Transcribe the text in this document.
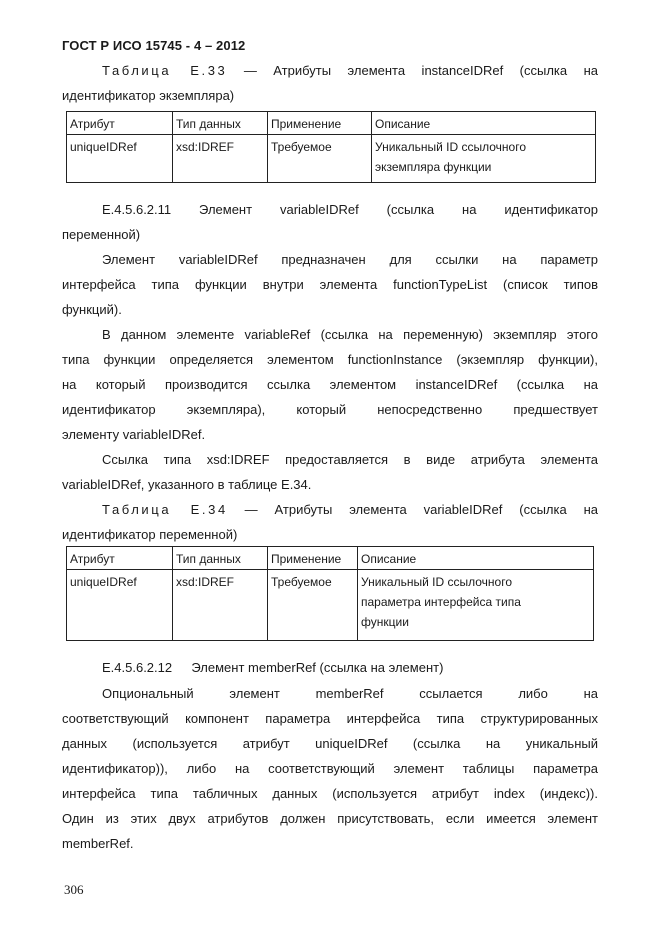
ГОСТ Р ИСО 15745 - 4 – 2012
Таблица Е.33 — Атрибуты элемента instanceIDRef (ссылка на
идентификатор экземпляра)
Атрибут	Тип данных	Применение	Описание
uniqueIDRef	xsd:IDREF	Требуемое	Уникальный ID ссылочного
экземпляра функции
Е.4.5.6.2.11 Элемент variableIDRef (ссылка на идентификатор
переменной)
Элемент variableIDRef предназначен для ссылки на параметр
интерфейса типа функции внутри элемента functionTypeList (список типов
функций).
В данном элементе variableRef (ссылка на переменную) экземпляр этого
типа функции определяется элементом functionInstance (экземпляр функции),
на который производится ссылка элементом instanceIDRef (ссылка на
идентификатор экземпляра), который непосредственно предшествует
элементу variableIDRef.
Ссылка типа xsd:IDREF предоставляется в виде атрибута элемента
variableIDRef, указанного в таблице Е.34.
Таблица Е.34 — Атрибуты элемента variableIDRef (ссылка на
идентификатор переменной)
Атрибут	Тип данных	Применение	Описание
uniqueIDRef	xsd:IDREF	Требуемое	Уникальный ID ссылочного
параметра интерфейса типа
функции
Е.4.5.6.2.12 Элемент memberRef (ссылка на элемент)
Опциональный элемент memberRef ссылается либо на
соответствующий компонент параметра интерфейса типа структурированных
данных (используется атрибут uniqueIDRef (ссылка на уникальный
идентификатор)), либо на соответствующий элемент таблицы параметра
интерфейса типа табличных данных (используется атрибут index (индекс)).
Один из этих двух атрибутов должен присутствовать, если имеется элемент
memberRef.
306
